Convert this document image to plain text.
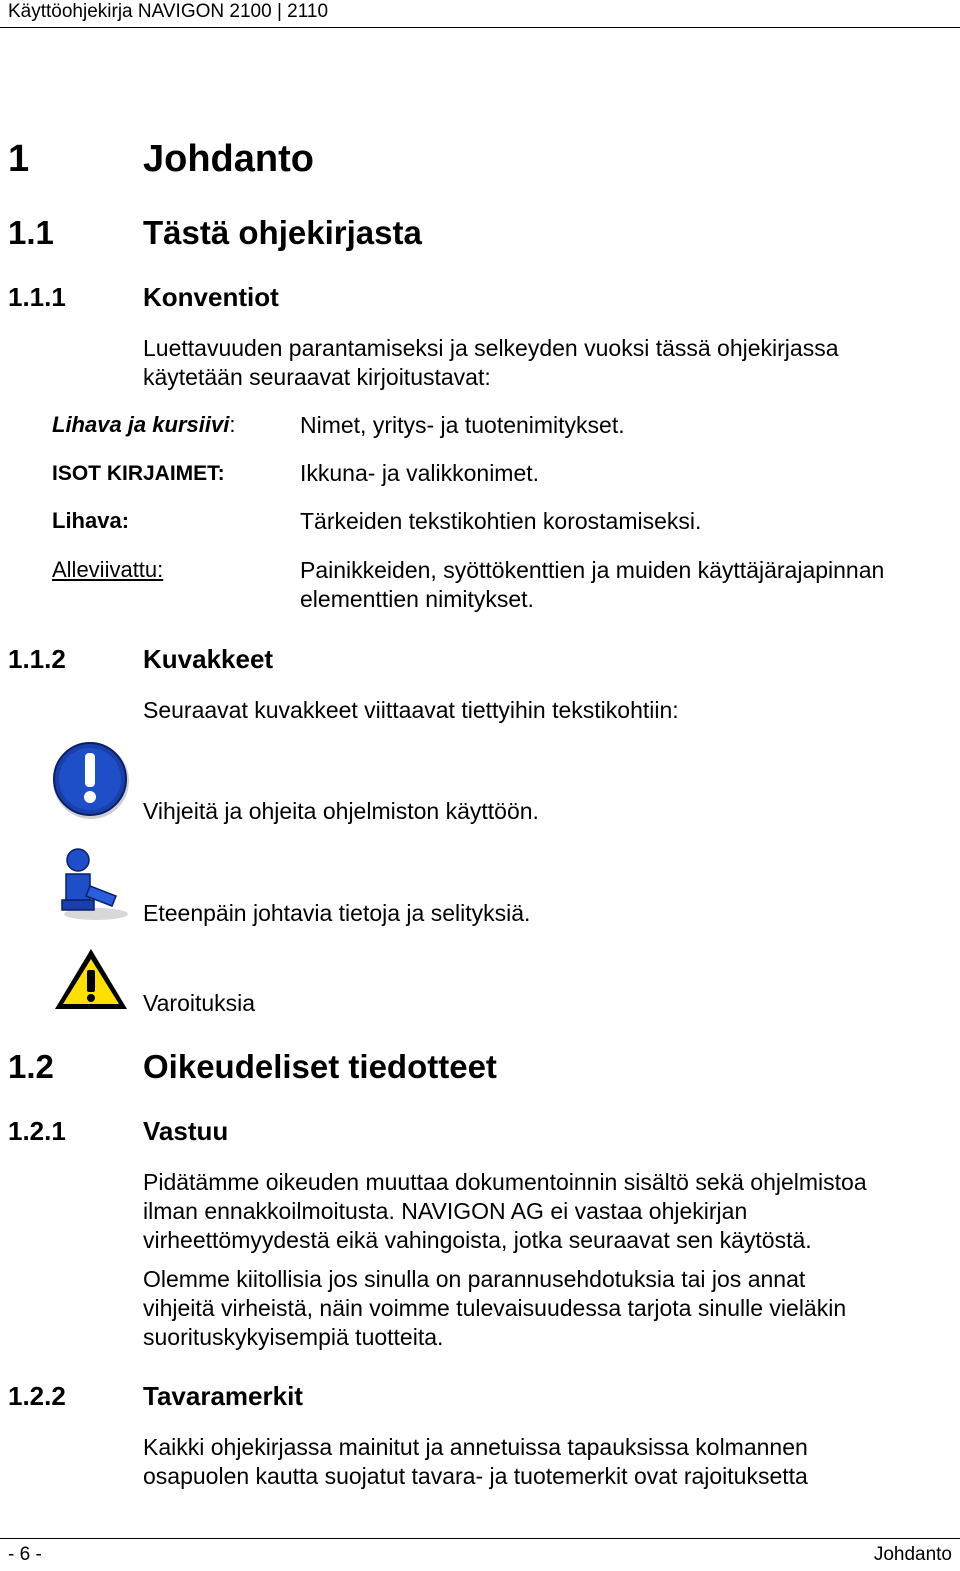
Käyttöohjekirja NAVIGON 2100 | 2110
1	Johdanto
1.1	Tästä ohjekirjasta
1.1.1	Konventiot
Luettavuuden parantamiseksi ja selkeyden vuoksi tässä ohjekirjassa
käytetään seuraavat kirjoitustavat:
Lihava ja kursiivi:	Nimet, yritys- ja tuotenimitykset.
ISOT KIRJAIMET:	Ikkuna- ja valikkonimet.
Lihava:	Tärkeiden tekstikohtien korostamiseksi.
Alleviivattu:	Painikkeiden, syöttökenttien ja muiden käyttäjärajapinnan
elementtien nimitykset.
1.1.2	Kuvakkeet
Seuraavat kuvakkeet viittaavat tiettyihin tekstikohtiin:
Vihjeitä ja ohjeita ohjelmiston käyttöön.
Eteenpäin johtavia tietoja ja selityksiä.
Varoituksia
1.2	Oikeudeliset tiedotteet
1.2.1	Vastuu
Pidätämme oikeuden muuttaa dokumentoinnin sisältö sekä ohjelmistoa
ilman ennakkoilmoitusta. NAVIGON AG ei vastaa ohjekirjan
virheettömyydestä eikä vahingoista, jotka seuraavat sen käytöstä.
Olemme kiitollisia jos sinulla on parannusehdotuksia tai jos annat
vihjeitä virheistä, näin voimme tulevaisuudessa tarjota sinulle vieläkin
suorituskykyisempiä tuotteita.
1.2.2	Tavaramerkit
Kaikki ohjekirjassa mainitut ja annetuissa tapauksissa kolmannen
osapuolen kautta suojatut tavara- ja tuotemerkit ovat rajoituksetta
- 6 -	Johdanto
